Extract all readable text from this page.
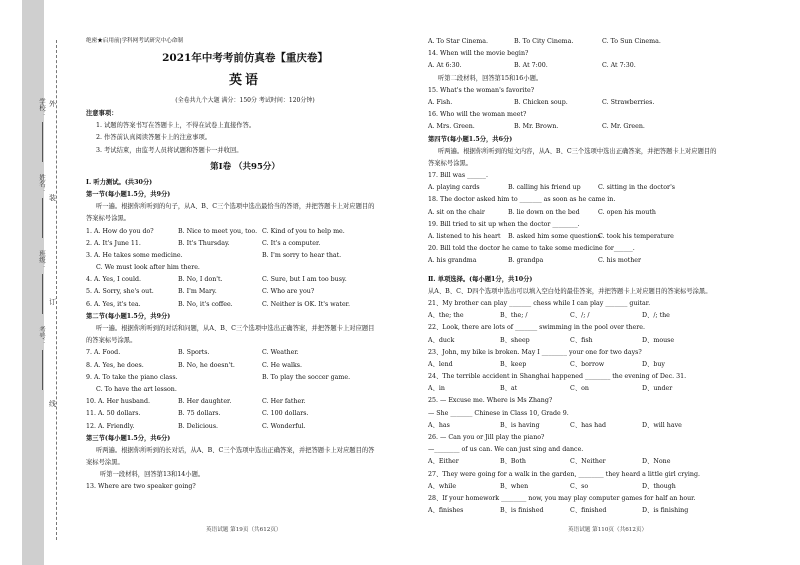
外
装
订
线
学校：
姓名：
班级：
考号：
绝密★启用前|学科网考试研究中心命制
2021年中考考前仿真卷【重庆卷】
英语
(全卷共九个大题 满分：150分 考试时间：120分钟)
注意事项：
1. 试题的答案书写在答题卡上，不得在试卷上直接作答。
2. 作答前认真阅读答题卡上的注意事项。
3. 考试结束，由监考人员将试题和答题卡一并收回。
第Ⅰ卷 （共95分）
Ⅰ. 听力测试。(共30分)
第一节(每小题1.5分，共9分)
听一遍。根据你所听到的句子，从A、B、C三个选项中选出最恰当的答语，并把答题卡上对应题目的
答案标号涂黑。
1. A. How do you do?	B. Nice to meet you, too. C. Kind of you to help me.
2. A. It's June 11.	B. It's Thursday.	C. It's a computer.
3. A. He takes some medicine.	B. I'm sorry to hear that.
C. We must look after him there.
4. A. Yes, I could.	B. No, I don't.	C. Sure, but I am too busy.
5. A. Sorry, she's out.	B. I'm Mary.	C. Who are you?
6. A. Yes, it's tea.	B. No, it's coffee.	C. Neither is OK. It's water.
第二节(每小题1.5分，共9分)
听一遍。根据你所听到的对话和问题，从A、B、C三个选项中选出正确答案，并把答题卡上对应题目
的答案标号涂黑。
7. A. Food.	B. Sports.	C. Weather.
8. A. Yes, he does.	B. No, he doesn't.	C. He walks.
9. A. To take the piano class.	B. To play the soccer game.
C. To have the art lesson.
10. A. Her husband.	B. Her daughter.	C. Her father.
11. A. 50 dollars.	B. 75 dollars.	C. 100 dollars.
12. A. Friendly.	B. Delicious.	C. Wonderful.
第三节(每小题1.5分，共6分)
听两遍。根据你所听到的长对话，从A、B、C三个选项中选出正确答案，并把答题卡上对应题目的答
案标号涂黑。
听第一段材料，回答第13和14小题。
13. Where are two speaker going?
A. To Star Cinema.	B. To City Cinema.	C. To Sun Cinema.
14. When will the movie begin?
A. At 6:30.	B. At 7:00.	C. At 7:30.
听第二段材料，回答第15和16小题。
15. What's the woman's favorite?
A. Fish.	B. Chicken soup.	C. Strawberries.
16. Who will the woman meet?
A. Mrs. Green.	B. Mr. Brown.	C. Mr. Green.
第四节(每小题1.5分，共6分)
听两遍。根据你所听到的短文内容，从A、B、C三个选项中选出正确答案，并把答题卡上对应题目的
答案标号涂黑。
17. Bill was ______.
A. playing cards	B. calling his friend up	C. sitting in the doctor's
18. The doctor asked him to _______ as soon as he came in.
A. sit on the chair	B. lie down on the bed	C. open his mouth
19. Bill tried to sit up when the doctor ________.
A. listened to his heart	B. asked him some questions
C. took his temperature
20. Bill told the doctor he came to take some medicine for______.
A. his grandma	B. grandpa	C. his mother
Ⅱ. 单项选择。(每小题1分，共10分)
从A、B、C、D四个选项中选出可以填入空白处的最佳答案，并把答题卡上对应题目的答案标号涂黑。
21、My brother can play _______ chess while I can play _______ guitar.
A、the; the	B、the; /	C、/; /	D、/; the
22、Look, there are lots of _______ swimming in the pool over there.
A、duck	B、sheep	C、fish	D、mouse
23、John, my bike is broken. May I ________ your one for two days?
A、lend	B、keep	C、borrow	D、buy
24、The terrible accident in Shanghai happened ________ the evening of Dec. 31.
A、in	B、at	C、on	D、under
25. — Excuse me. Where is Ms Zhang?
— She _______ Chinese in Class 10, Grade 9.
A、has	B、is having	C、has had	D、will have
26. — Can you or Jill play the piano?
—________ of us can. We can just sing and dance.
A、Either	B、Both	C、Neither	D、None
27、They were going for a walk in the garden, ________ they heard a little girl crying.
A、while	B、when	C、so	D、though
28、If your homework ________ now, you may play computer games for half an hour.
A、finishes	B、is finished	C、finished	D、is finishing
英语试题 第19页（共612页）	英语试题 第110页（共612页）
